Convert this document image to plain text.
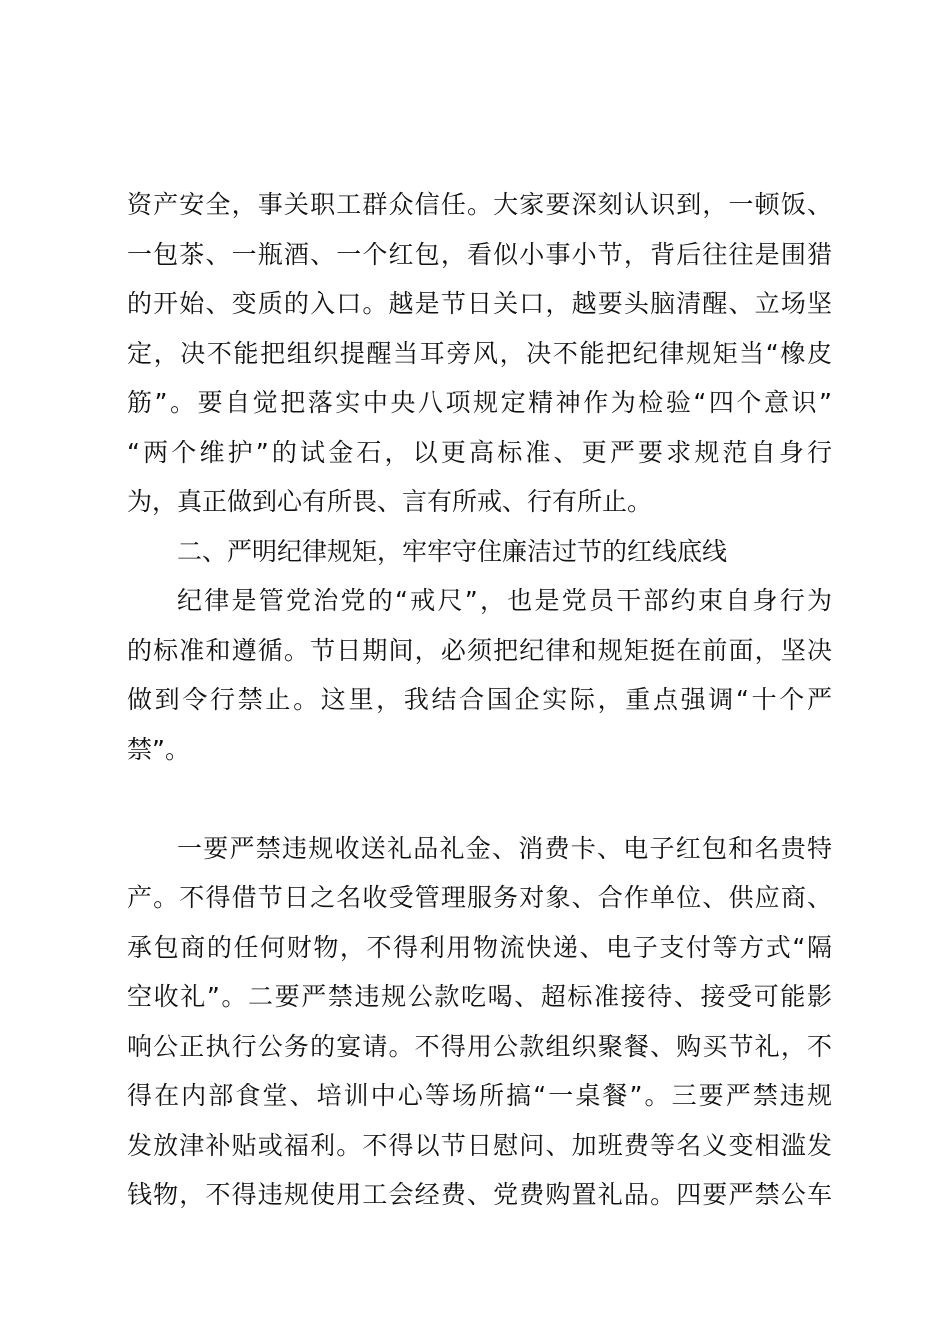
资产安全，事关职工群众信任。大家要深刻认识到，一顿饭、
一包茶、一瓶酒、一个红包，看似小事小节，背后往往是围猎
的开始、变质的入口。越是节日关口，越要头脑清醒、立场坚
定，决不能把组织提醒当耳旁风，决不能把纪律规矩当“橡皮
筋”。要自觉把落实中央八项规定精神作为检验“四个意识”
“两个维护”的试金石，以更高标准、更严要求规范自身行
为，真正做到心有所畏、言有所戒、行有所止。
二、严明纪律规矩，牢牢守住廉洁过节的红线底线
纪律是管党治党的“戒尺”，也是党员干部约束自身行为
的标准和遵循。节日期间，必须把纪律和规矩挺在前面，坚决
做到令行禁止。这里，我结合国企实际，重点强调“十个严
禁”。
一要严禁违规收送礼品礼金、消费卡、电子红包和名贵特
产。不得借节日之名收受管理服务对象、合作单位、供应商、
承包商的任何财物，不得利用物流快递、电子支付等方式“隔
空收礼”。二要严禁违规公款吃喝、超标准接待、接受可能影
响公正执行公务的宴请。不得用公款组织聚餐、购买节礼，不
得在内部食堂、培训中心等场所搞“一桌餐”。三要严禁违规
发放津补贴或福利。不得以节日慰问、加班费等名义变相滥发
钱物，不得违规使用工会经费、党费购置礼品。四要严禁公车
